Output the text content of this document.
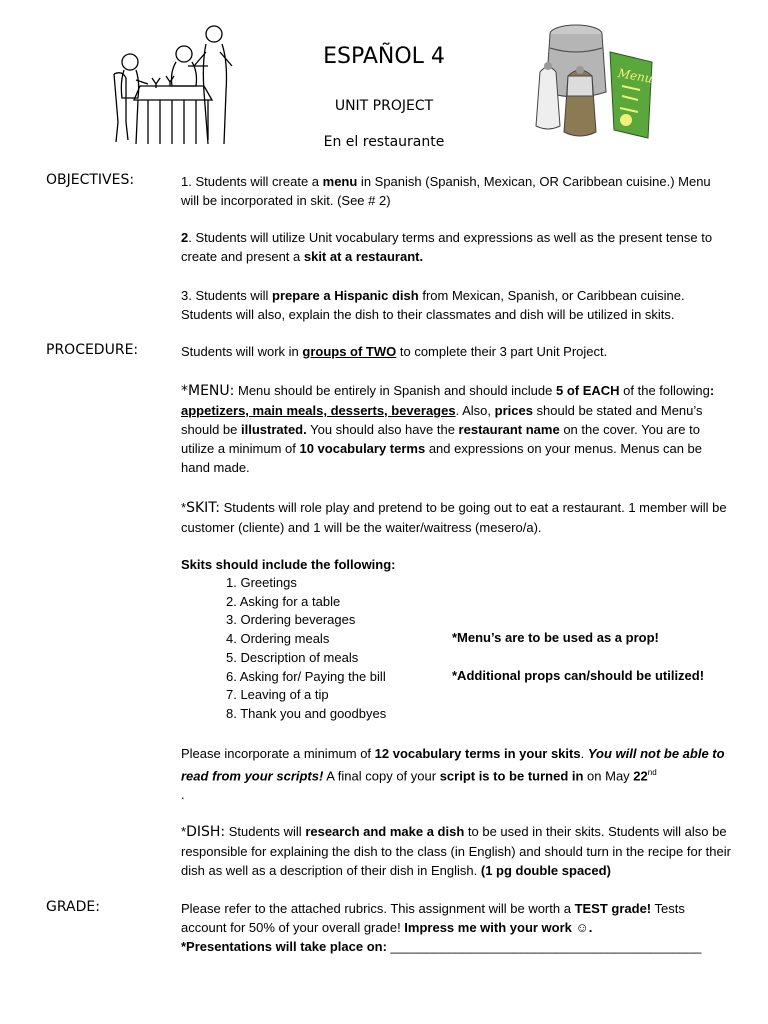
Menu
ESPAÑOL 4
UNIT PROJECT
En el restaurante
OBJECTIVES:	1. Students will create a menu in Spanish (Spanish, Mexican, OR Caribbean cuisine.) Menu will be incorporated in skit. (See # 2)
2. Students will utilize Unit vocabulary terms and expressions as well as the present tense to create and present a skit at a restaurant.
3. Students will prepare a Hispanic dish from Mexican, Spanish, or Caribbean cuisine. Students will also, explain the dish to their classmates and dish will be utilized in skits.
PROCEDURE:	Students will work in groups of TWO to complete their 3 part Unit Project.
*MENU: Menu should be entirely in Spanish and should include 5 of EACH of the following: appetizers, main meals, desserts, beverages. Also, prices should be stated and Menu’s should be illustrated. You should also have the restaurant name on the cover. You are to utilize a minimum of 10 vocabulary terms and expressions on your menus. Menus can be hand made.
*SKIT: Students will role play and pretend to be going out to eat a restaurant. 1 member will be customer (cliente) and 1 will be the waiter/waitress (mesero/a).
Skits should include the following:
1. Greetings
2. Asking for a table
3. Ordering beverages
4. Ordering meals
5. Description of meals
6. Asking for/ Paying the bill
7. Leaving of a tip
8. Thank you and goodbyes
*Menu’s are to be used as a prop!
*Additional props can/should be utilized!
Please incorporate a minimum of 12 vocabulary terms in your skits. You will not be able to read from your scripts! A final copy of your script is to be turned in on May 22nd
.
*DISH: Students will research and make a dish to be used in their skits. Students will also be responsible for explaining the dish to the class (in English) and should turn in the recipe for their dish as well as a description of their dish in English. (1 pg double spaced)
GRADE:	Please refer to the attached rubrics. This assignment will be worth a TEST grade! Tests account for 50% of your overall grade! Impress me with your work ☺.
*Presentations will take place on: ___________________________________________
